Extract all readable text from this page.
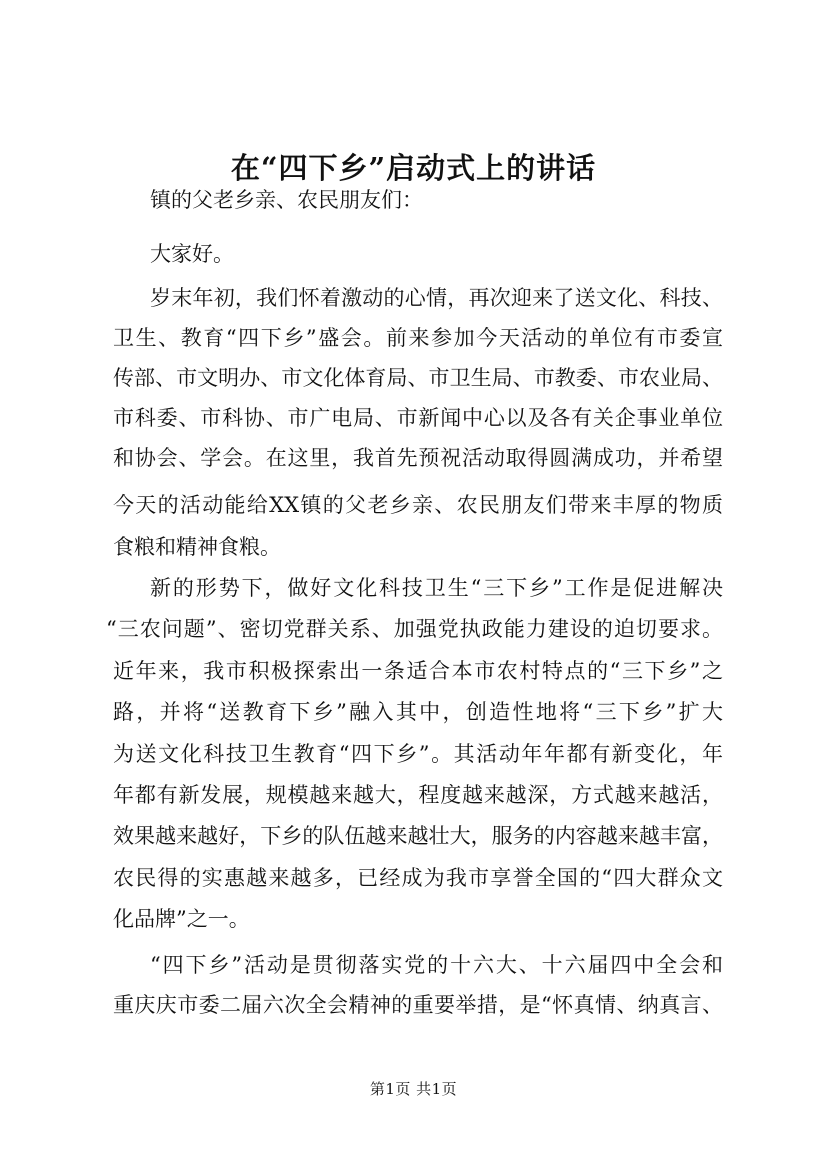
在“四下乡”启动式上的讲话
镇的父老乡亲、农民朋友们：
大家好。
岁末年初，我们怀着激动的心情，再次迎来了送文化、科技、
卫生、教育“四下乡”盛会。前来参加今天活动的单位有市委宣
传部、市文明办、市文化体育局、市卫生局、市教委、市农业局、
市科委、市科协、市广电局、市新闻中心以及各有关企事业单位
和协会、学会。在这里，我首先预祝活动取得圆满成功，并希望
今天的活动能给XX镇的父老乡亲、农民朋友们带来丰厚的物质
食粮和精神食粮。
新的形势下，做好文化科技卫生“三下乡”工作是促进解决
“三农问题”、密切党群关系、加强党执政能力建设的迫切要求。
近年来，我市积极探索出一条适合本市农村特点的“三下乡”之
路，并将“送教育下乡”融入其中，创造性地将“三下乡”扩大
为送文化科技卫生教育“四下乡”。其活动年年都有新变化，年
年都有新发展，规模越来越大，程度越来越深，方式越来越活，
效果越来越好，下乡的队伍越来越壮大，服务的内容越来越丰富，
农民得的实惠越来越多，已经成为我市享誉全国的“四大群众文
化品牌”之一。
“四下乡”活动是贯彻落实党的十六大、十六届四中全会和
重庆庆市委二届六次全会精神的重要举措，是“怀真情、纳真言、
第1页 共1页
